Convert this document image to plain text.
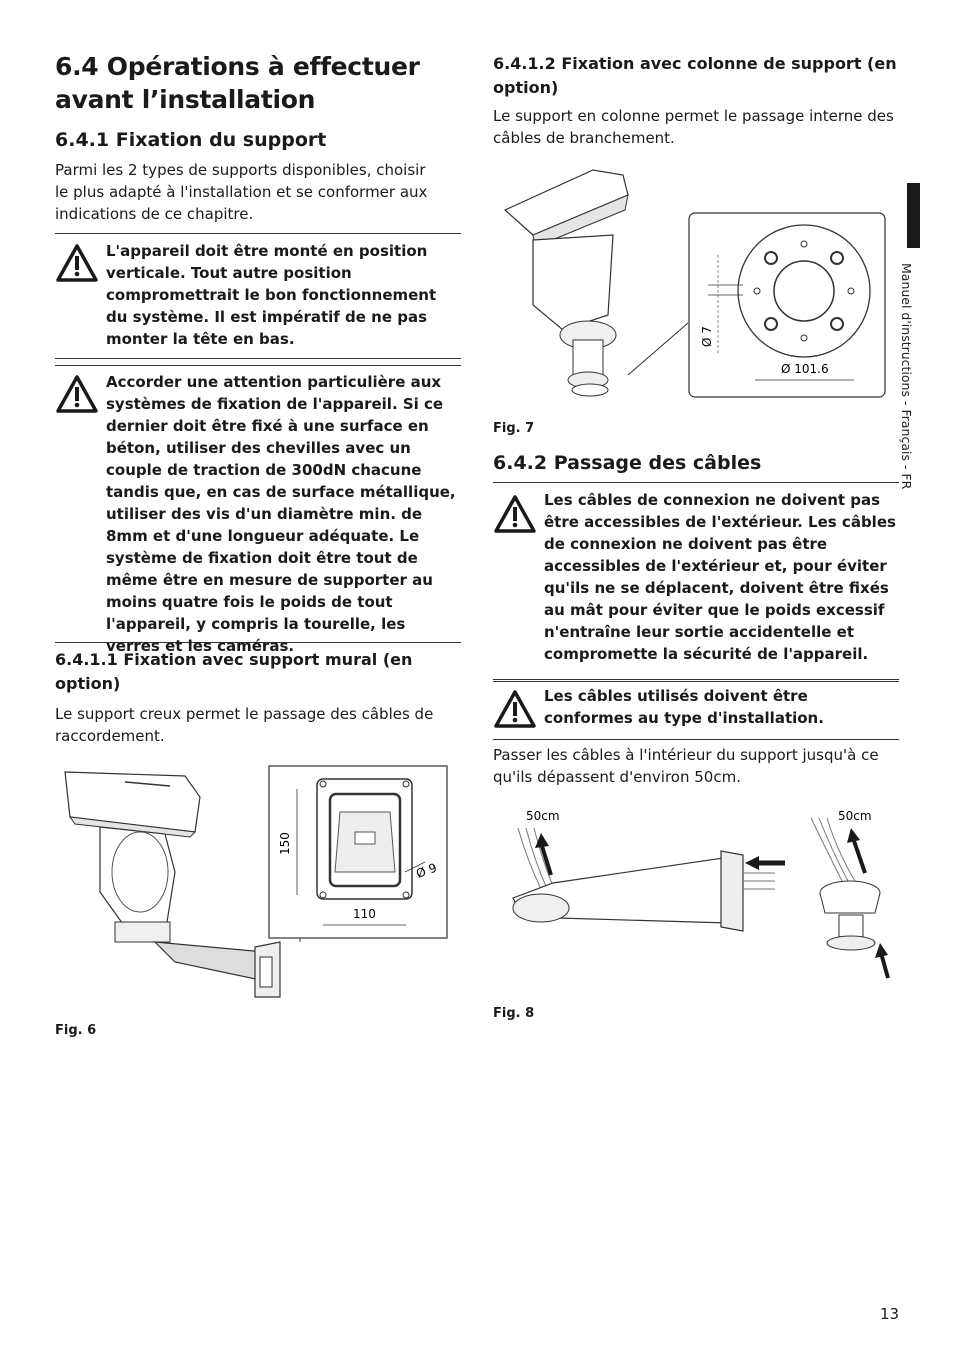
6.4 Opérations à effectuer avant l’installation
6.4.1 Fixation du support

Parmi les 2 types de supports disponibles, choisir le plus adapté à l'installation et se conformer aux indications de ce chapitre.

L'appareil doit être monté en position verticale. Tout autre position compromettrait le bon fonctionnement du système. Il est impératif de ne pas monter la tête en bas.
Accorder une attention particulière aux systèmes de fixation de l'appareil. Si ce dernier doit être fixé à une surface en béton, utiliser des chevilles avec un couple de traction de 300dN chacune tandis que, en cas de surface métallique, utiliser des vis d'un diamètre min. de 8mm et d'une longueur adéquate. Le système de fixation doit être tout de même être en mesure de supporter au moins quatre fois le poids de tout l'appareil, y compris la tourelle, les verres et les caméras.
6.4.1.1 Fixation avec support mural (en option)

Le support creux permet le passage des câbles de raccordement.

150
110
Ø 9
Fig. 6
6.4.1.2 Fixation avec colonne de support (en option)

Le support en colonne permet le passage interne des câbles de branchement.

Ø 7
Ø 101.6
Fig. 7
6.4.2 Passage des câbles
Les câbles de connexion ne doivent pas être accessibles de l'extérieur. Les câbles de connexion ne doivent pas être accessibles de l'extérieur et, pour éviter qu'ils ne se déplacent, doivent être fixés au mât pour éviter que le poids excessif n'entraîne leur sortie accidentelle et compromette la sécurité de l'appareil.
Les câbles utilisés doivent être conformes au type d'installation.

Passer les câbles à l'intérieur du support jusqu'à ce qu'ils dépassent d'environ 50cm.

50cm	50cm
Fig. 8
Manuel d'instructions - Français - FR
13
